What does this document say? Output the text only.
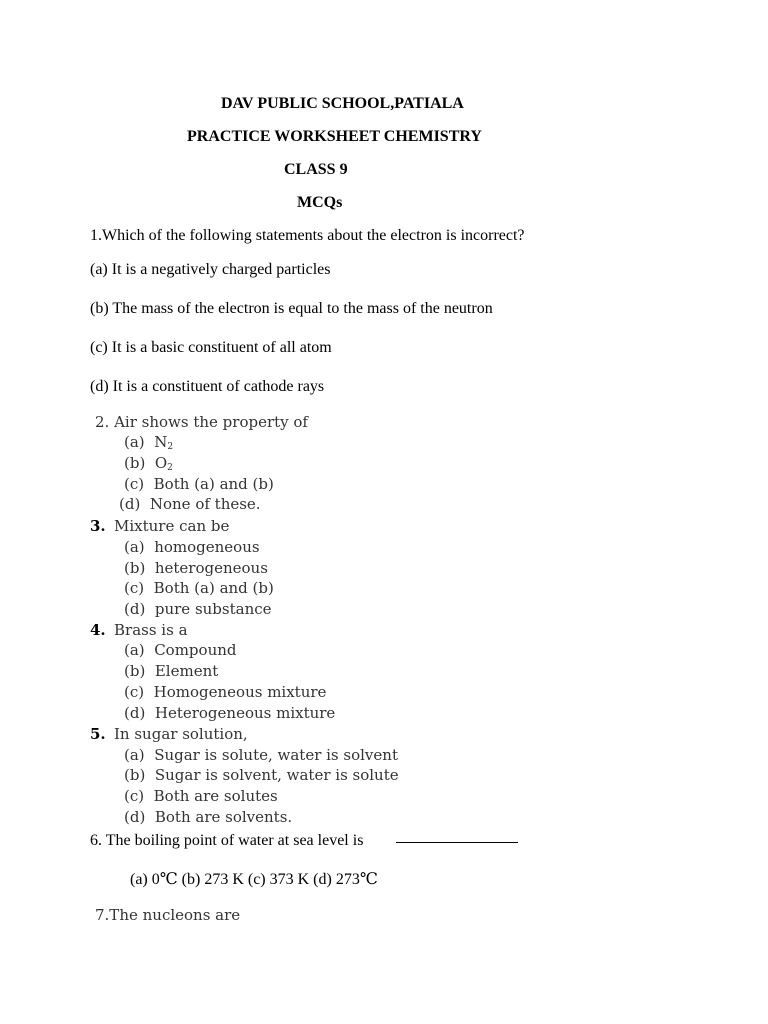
DAV PUBLIC SCHOOL,PATIALA
PRACTICE WORKSHEET CHEMISTRY
CLASS 9
MCQs
1.Which of the following statements about the electron is incorrect?
(a) It is a negatively charged particles
(b) The mass of the electron is equal to the mass of the neutron
(c) It is a basic constituent of all atom
(d) It is a constituent of cathode rays
2. Air shows the property of
(a) $N_2$
(b) $O_2$
(c) Both (a) and (b)
(d) None of these.
3. Mixture can be
(a) homogeneous
(b) heterogeneous
(c) Both (a) and (b)
(d) pure substance
4. Brass is a
(a) Compound
(b) Element
(c) Homogeneous mixture
(d) Heterogeneous mixture
5. In sugar solution,
(a) Sugar is solute, water is solvent
(b) Sugar is solvent, water is solute
(c) Both are solutes
(d) Both are solvents.
6. The boiling point of water at sea level is
(a) 0℃ (b) 273 K (c) 373 K (d) 273℃
7.The nucleons are
